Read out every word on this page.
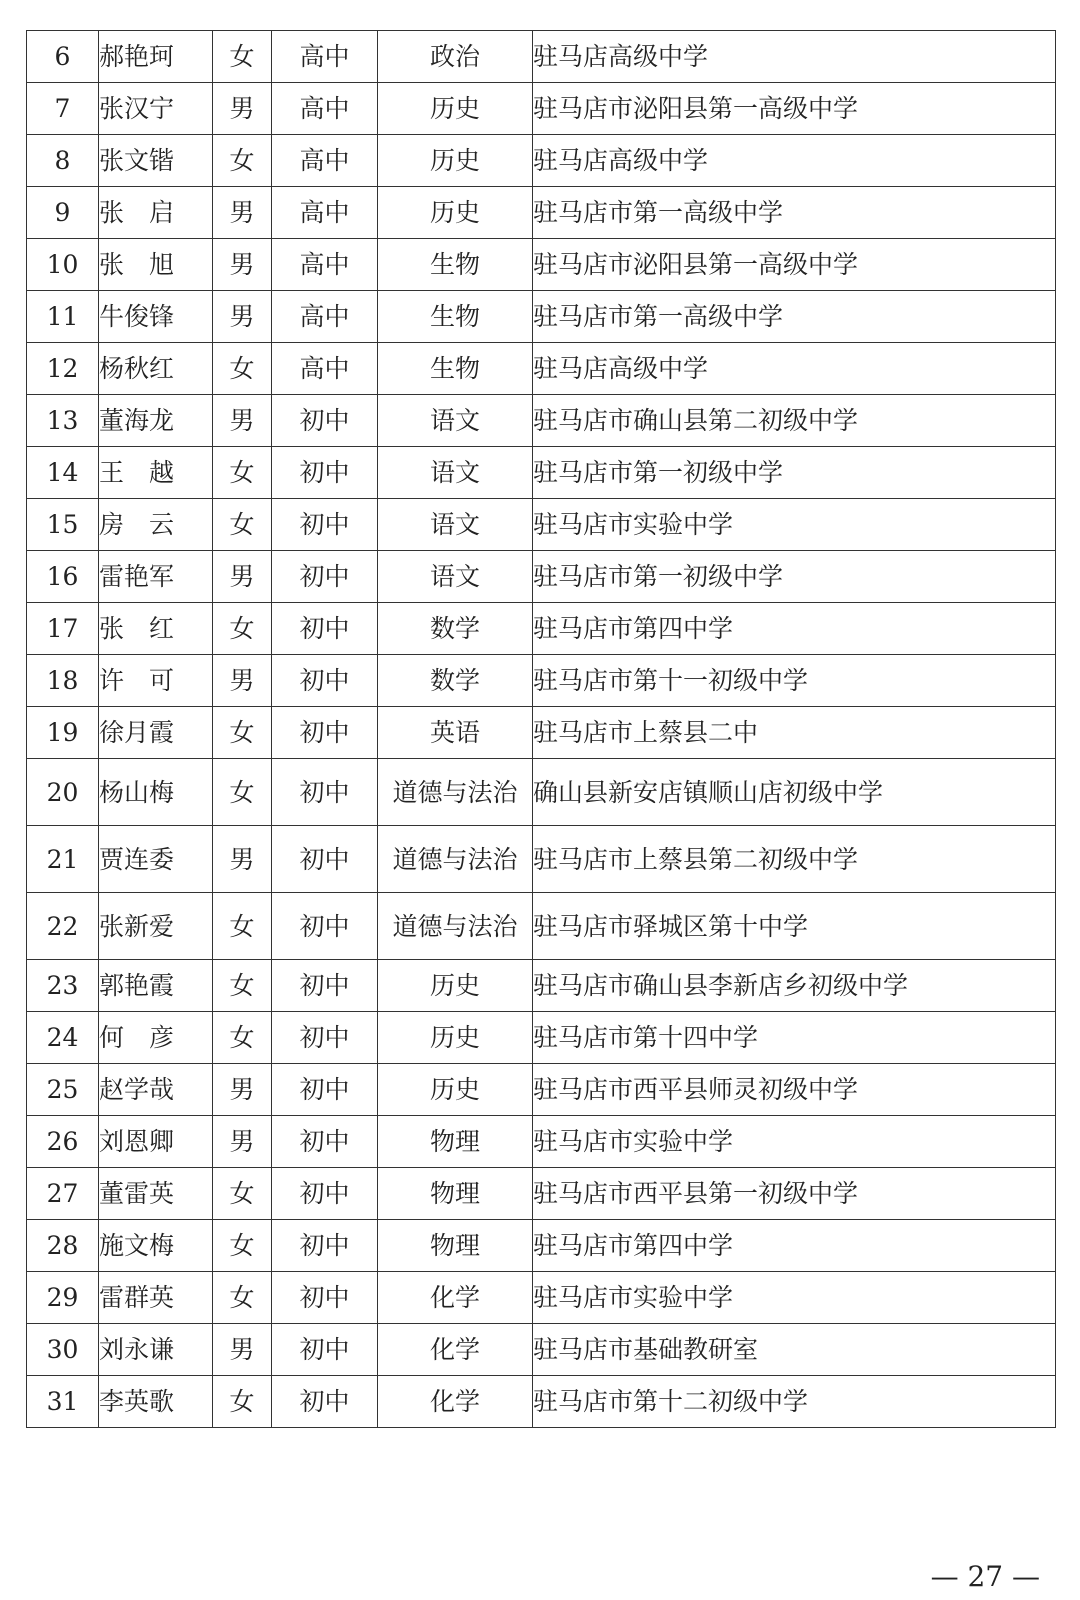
6	郝艳珂	女	高中	政治	驻马店高级中学
7	张汉宁	男	高中	历史	驻马店市泌阳县第一高级中学
8	张文锴	女	高中	历史	驻马店高级中学
9	张　启	男	高中	历史	驻马店市第一高级中学
10	张　旭	男	高中	生物	驻马店市泌阳县第一高级中学
11	牛俊锋	男	高中	生物	驻马店市第一高级中学
12	杨秋红	女	高中	生物	驻马店高级中学
13	董海龙	男	初中	语文	驻马店市确山县第二初级中学
14	王　越	女	初中	语文	驻马店市第一初级中学
15	房　云	女	初中	语文	驻马店市实验中学
16	雷艳军	男	初中	语文	驻马店市第一初级中学
17	张　红	女	初中	数学	驻马店市第四中学
18	许　可	男	初中	数学	驻马店市第十一初级中学
19	徐月霞	女	初中	英语	驻马店市上蔡县二中
20	杨山梅	女	初中	道德与法治	确山县新安店镇顺山店初级中学
21	贾连委	男	初中	道德与法治	驻马店市上蔡县第二初级中学
22	张新爱	女	初中	道德与法治	驻马店市驿城区第十中学
23	郭艳霞	女	初中	历史	驻马店市确山县李新店乡初级中学
24	何　彦	女	初中	历史	驻马店市第十四中学
25	赵学哉	男	初中	历史	驻马店市西平县师灵初级中学
26	刘恩卿	男	初中	物理	驻马店市实验中学
27	董雷英	女	初中	物理	驻马店市西平县第一初级中学
28	施文梅	女	初中	物理	驻马店市第四中学
29	雷群英	女	初中	化学	驻马店市实验中学
30	刘永谦	男	初中	化学	驻马店市基础教研室
31	李英歌	女	初中	化学	驻马店市第十二初级中学
— 27 —
